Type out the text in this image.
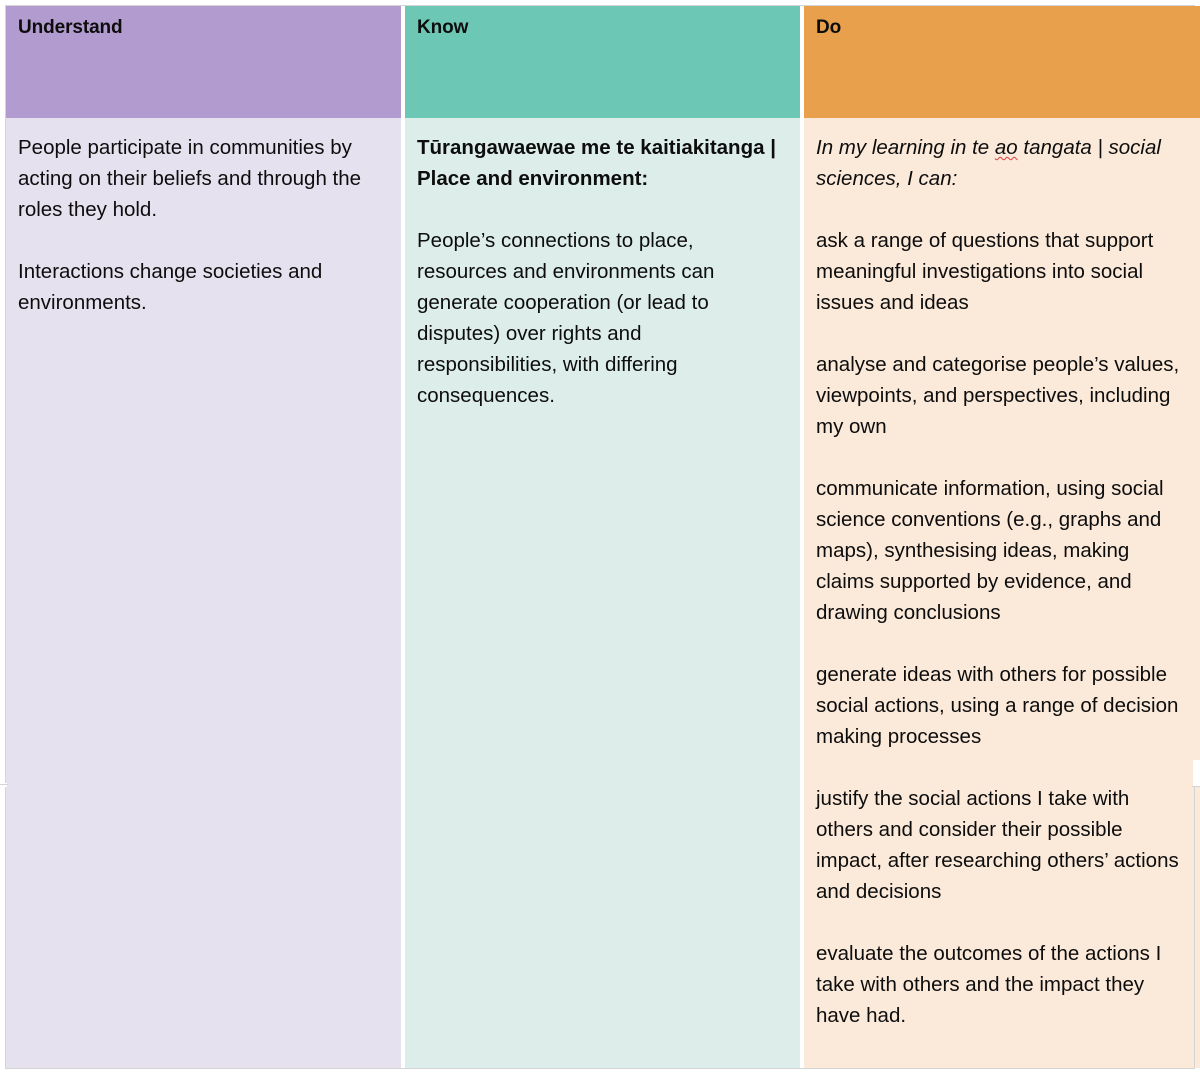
Understand

People participate in communities by acting on their beliefs and through the roles they hold.

Interactions change societies and environments.

Know

Tūrangawaewae me te kaitiakitanga | Place and environment:

People’s connections to place, resources and environments can generate cooperation (or lead to disputes) over rights and responsibilities, with differing consequences.

Do

In my learning in te ao tangata | social sciences, I can:

ask a range of questions that support meaningful investigations into social issues and ideas

analyse and categorise people’s values, viewpoints, and perspectives, including my own

communicate information, using social science conventions (e.g., graphs and maps), synthesising ideas, making claims supported by evidence, and drawing conclusions

generate ideas with others for possible social actions, using a range of decision making processes

justify the social actions I take with others and consider their possible impact, after researching others’ actions and decisions

evaluate the outcomes of the actions I take with others and the impact they have had.
